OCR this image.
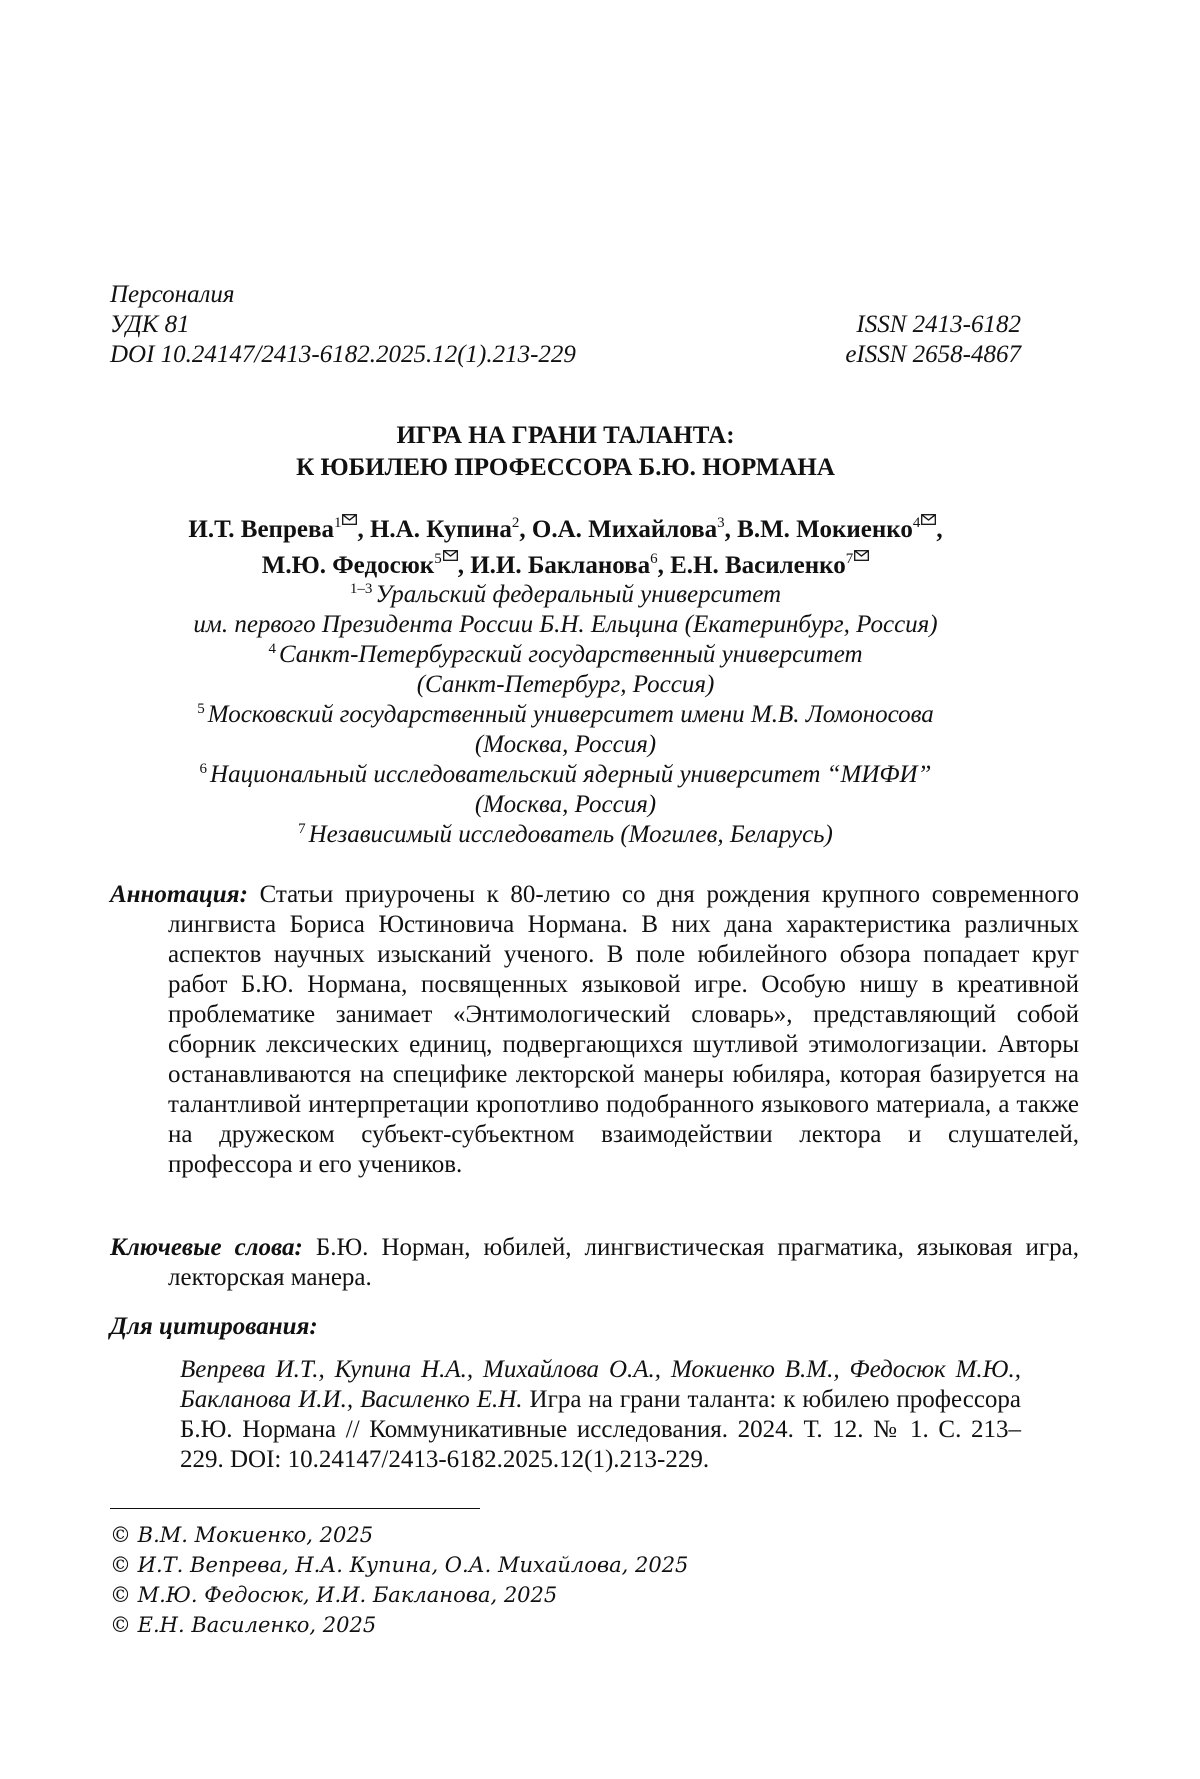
Персоналия
УДК 81	ISSN 2413-6182
DOI 10.24147/2413-6182.2025.12(1).213-229	eISSN 2658-4867
ИГРА НА ГРАНИ ТАЛАНТА:
К ЮБИЛЕЮ ПРОФЕССОРА Б.Ю. НОРМАНА
И.Т. Вепрева$^1$ , Н.А. Купина$^2$, О.А. Михайлова$^3$, В.М. Мокиенко$^4$ ,
М.Ю. Федосюк$^5$ , И.И. Бакланова$^6$, Е.Н. Василенко$^7$
$^{1-3}$ Уральский федеральный университет
им. первого Президента России Б.Н. Ельцина (Екатеринбург, Россия)
$^4$ Санкт-Петербургский государственный университет
(Санкт-Петербург, Россия)
$^5$ Московский государственный университет имени М.В. Ломоносова
(Москва, Россия)
$^6$ Национальный исследовательский ядерный университет “МИФИ”
(Москва, Россия)
$^7$ Независимый исследователь (Могилев, Беларусь)
Аннотация: Статьи приурочены к 80-летию со дня рождения крупного современного лингвиста Бориса Юстиновича Нормана. В них дана характеристика различных аспектов научных изысканий ученого. В поле юбилейного обзора попадает круг работ Б.Ю. Нормана, посвященных языковой игре. Особую нишу в креативной проблематике занимает «Энтимологический словарь», представляющий собой сборник лексических единиц, подвергающихся шутливой этимологизации. Авторы останавливаются на специфике лекторской манеры юбиляра, которая базируется на талантливой интерпретации кропотливо подобранного языкового материала, а также на дружеском субъект-субъектном взаимодействии лектора и слушателей, профессора и его учеников.
Ключевые слова: Б.Ю. Норман, юбилей, лингвистическая прагматика, языковая игра, лекторская манера.
Для цитирования:
Вепрева И.Т., Купина Н.А., Михайлова О.А., Мокиенко В.М., Федосюк М.Ю., Бакланова И.И., Василенко Е.Н. Игра на грани таланта: к юбилею профессора Б.Ю. Нормана // Коммуникативные исследования. 2024. Т. 12. № 1. С. 213–229. DOI: 10.24147/2413-6182.2025.12(1).213-229.
© В.М. Мокиенко, 2025
© И.Т. Вепрева, Н.А. Купина, О.А. Михайлова, 2025
© М.Ю. Федосюк, И.И. Бакланова, 2025
© Е.Н. Василенко, 2025
